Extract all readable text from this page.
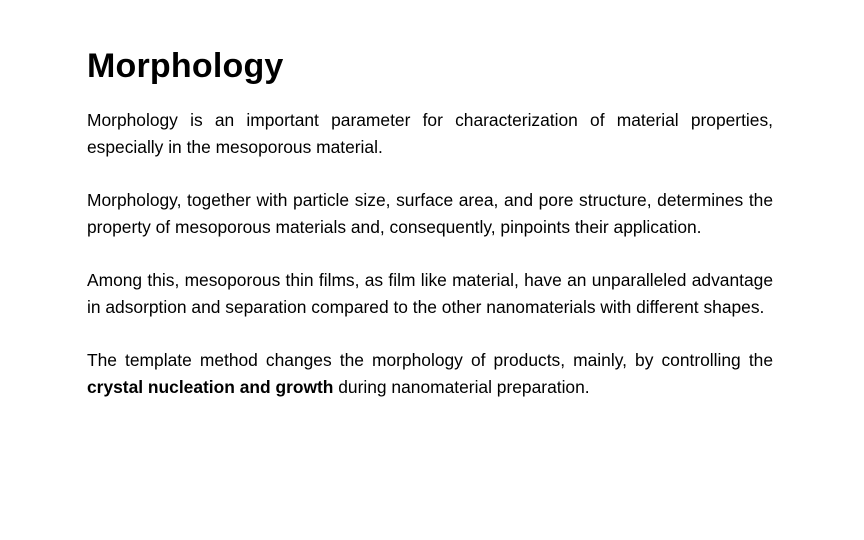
Morphology

Morphology is an important parameter for characterization of material properties, especially in the mesoporous material.

Morphology, together with particle size, surface area, and pore structure, determines the property of mesoporous materials and, consequently, pinpoints their application.

Among this, mesoporous thin films, as film like material, have an unparalleled advantage in adsorption and separation compared to the other nanomaterials with different shapes.

The template method changes the morphology of products, mainly, by controlling the crystal nucleation and growth during nanomaterial preparation.
